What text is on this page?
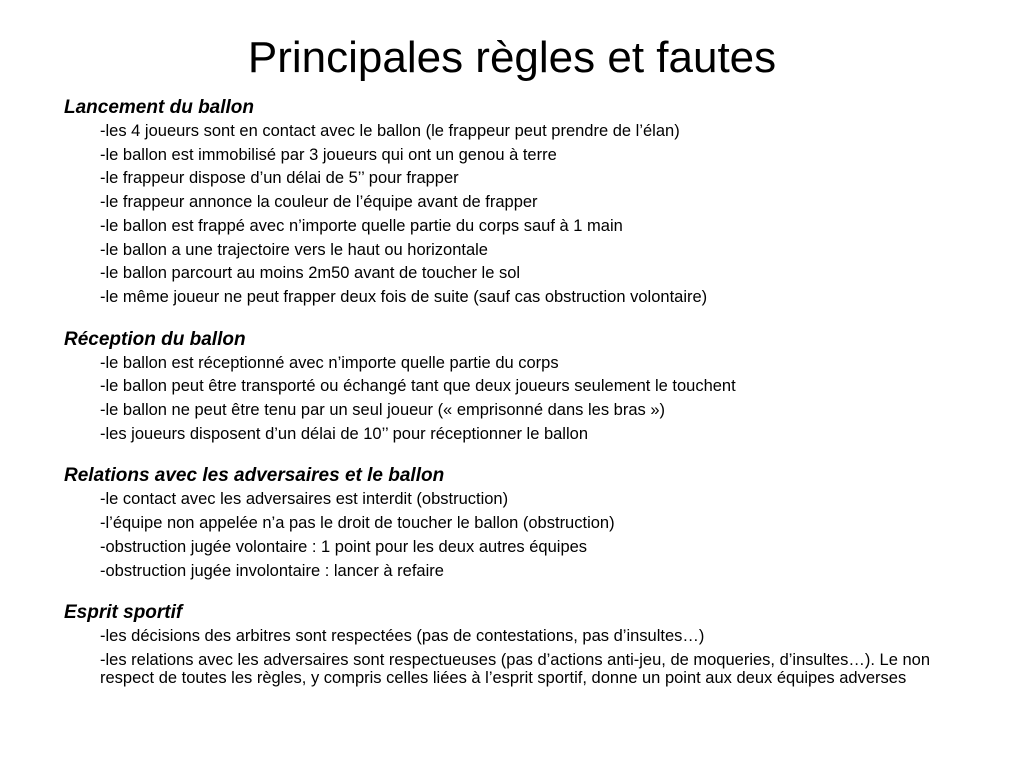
Principales règles et fautes

Lancement du ballon

-les 4 joueurs sont en contact avec le ballon (le frappeur peut prendre de l’élan)
-le ballon est immobilisé par 3 joueurs qui ont un genou à terre
-le frappeur dispose d’un délai de 5’’ pour frapper
-le frappeur annonce la couleur de l’équipe avant de frapper
-le ballon est frappé avec n’importe quelle partie du corps sauf à 1 main
-le ballon a une trajectoire vers le haut ou horizontale
-le ballon parcourt au moins 2m50 avant de toucher le sol
-le même joueur ne peut frapper deux fois de suite (sauf cas obstruction volontaire)

Réception du ballon

-le ballon est réceptionné avec n’importe quelle partie du corps
-le ballon peut être transporté ou échangé tant que deux joueurs seulement le touchent
-le ballon ne peut être tenu par un seul joueur (« emprisonné dans les bras »)
-les joueurs disposent d’un délai de 10’’ pour réceptionner le ballon

Relations avec les adversaires et le ballon

-le contact avec les adversaires est interdit (obstruction)
-l’équipe non appelée n’a pas le droit de toucher le ballon (obstruction)
-obstruction jugée volontaire : 1 point pour les deux autres équipes
-obstruction jugée involontaire : lancer à refaire

Esprit sportif

-les décisions des arbitres sont respectées (pas de contestations, pas d’insultes…)
-les relations avec les adversaires sont respectueuses (pas d’actions anti-jeu, de moqueries, d’insultes…). Le non respect de toutes les règles, y compris celles liées à l’esprit sportif, donne un point aux deux équipes adverses
